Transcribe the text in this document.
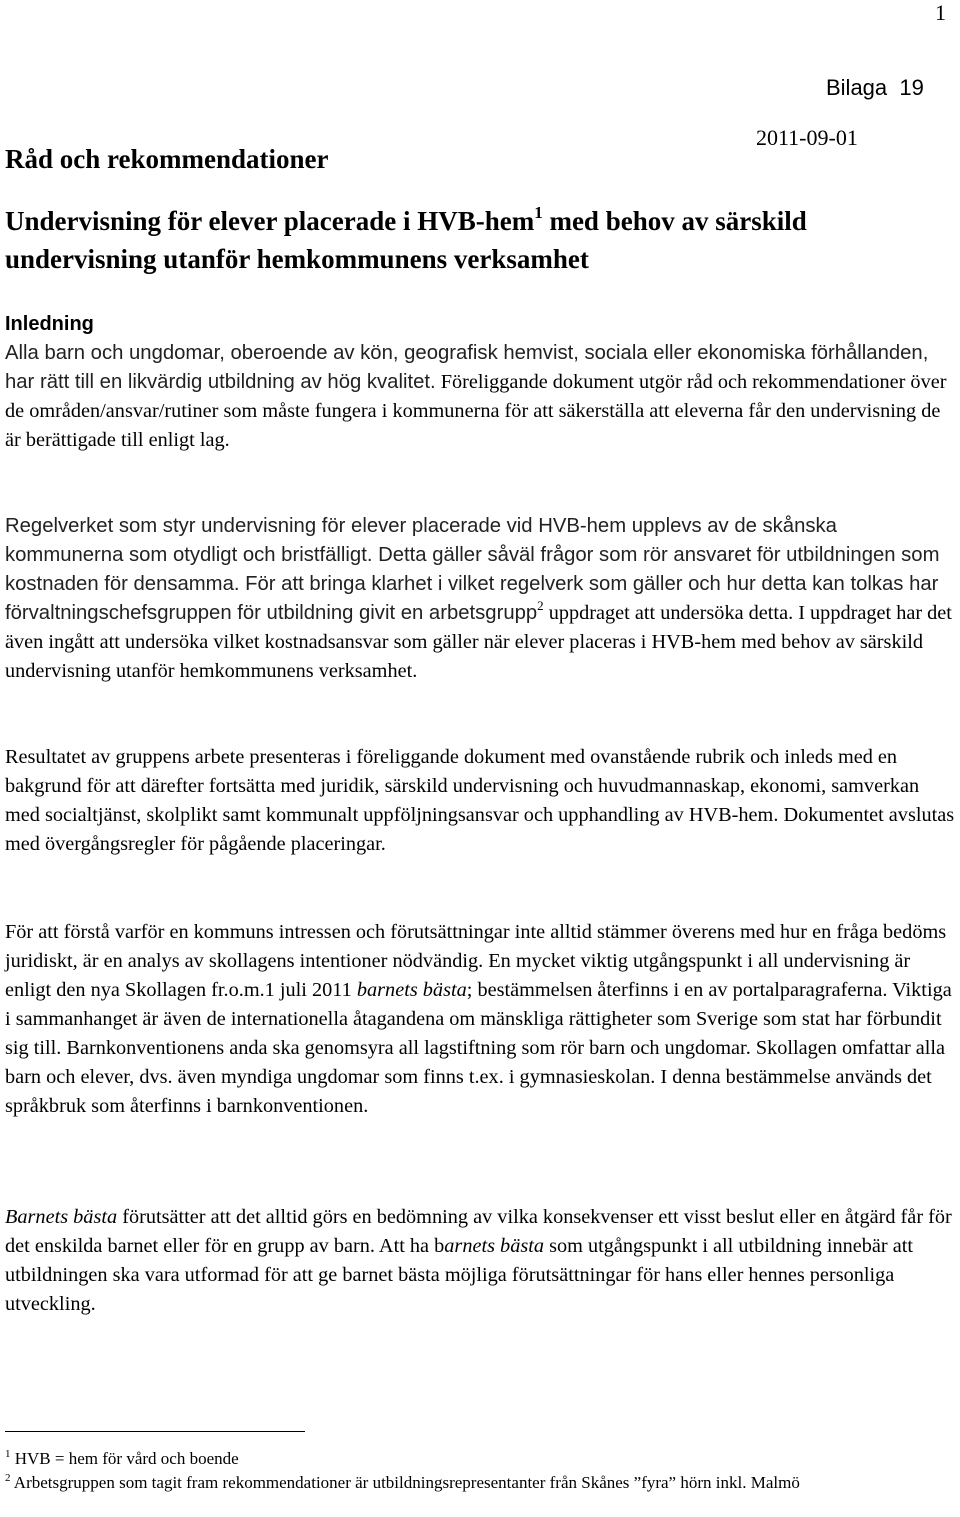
1
Bilaga 19
2011-09-01
Råd och rekommendationer
Undervisning för elever placerade i HVB-hem$^1$ med behov av särskild undervisning utanför hemkommunens verksamhet
Inledning

Alla barn och ungdomar, oberoende av kön, geografisk hemvist, sociala eller ekonomiska förhållanden, har rätt till en likvärdig utbildning av hög kvalitet. Föreliggande dokument utgör råd och rekommendationer över de områden/ansvar/rutiner som måste fungera i kommunerna för att säkerställa att eleverna får den undervisning de är berättigade till enligt lag.

Regelverket som styr undervisning för elever placerade vid HVB-hem upplevs av de skånska kommunerna som otydligt och bristfälligt. Detta gäller såväl frågor som rör ansvaret för utbildningen som kostnaden för densamma. För att bringa klarhet i vilket regelverk som gäller och hur detta kan tolkas har förvaltningschefsgruppen för utbildning givit en arbetsgrupp$^2$ uppdraget att undersöka detta. I uppdraget har det även ingått att undersöka vilket kostnadsansvar som gäller när elever placeras i HVB-hem med behov av särskild undervisning utanför hemkommunens verksamhet.

Resultatet av gruppens arbete presenteras i föreliggande dokument med ovanstående rubrik och inleds med en bakgrund för att därefter fortsätta med juridik, särskild undervisning och huvudmannaskap, ekonomi, samverkan med socialtjänst, skolplikt samt kommunalt uppföljningsansvar och upphandling av HVB-hem. Dokumentet avslutas med övergångsregler för pågående placeringar.

För att förstå varför en kommuns intressen och förutsättningar inte alltid stämmer överens med hur en fråga bedöms juridiskt, är en analys av skollagens intentioner nödvändig. En mycket viktig utgångspunkt i all undervisning är enligt den nya Skollagen fr.o.m.1 juli 2011 barnets bästa; bestämmelsen återfinns i en av portalparagraferna. Viktiga i sammanhanget är även de internationella åtagandena om mänskliga rättigheter som Sverige som stat har förbundit sig till. Barnkonventionens anda ska genomsyra all lagstiftning som rör barn och ungdomar. Skollagen omfattar alla barn och elever, dvs. även myndiga ungdomar som finns t.ex. i gymnasieskolan. I denna bestämmelse används det språkbruk som återfinns i barnkonventionen.

Barnets bästa förutsätter att det alltid görs en bedömning av vilka konsekvenser ett visst beslut eller en åtgärd får för det enskilda barnet eller för en grupp av barn. Att ha barnets bästa som utgångspunkt i all utbildning innebär att utbildningen ska vara utformad för att ge barnet bästa möjliga förutsättningar för hans eller hennes personliga utveckling.

$^1$ HVB = hem för vård och boende

$^2$ Arbetsgruppen som tagit fram rekommendationer är utbildningsrepresentanter från Skånes ”fyra” hörn inkl. Malmö
